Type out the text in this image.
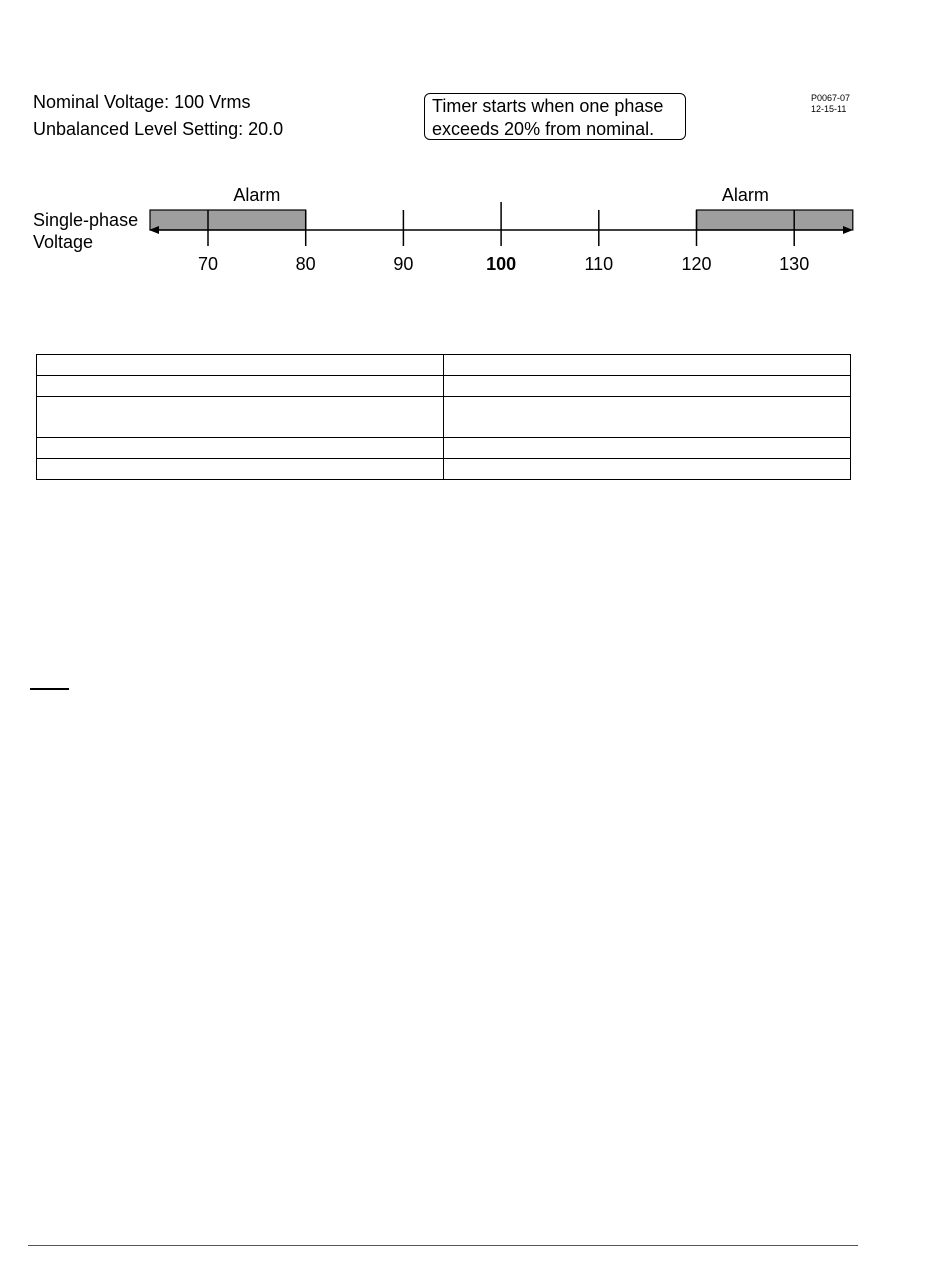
Nominal Voltage: 100 Vrms
Unbalanced Level Setting: 20.0
Timer starts when one phase
exceeds 20% from nominal.
P0067-07
12-15-11
Alarm	Alarm
70	80	90	100	110	120	130
Single-phase
Voltage
